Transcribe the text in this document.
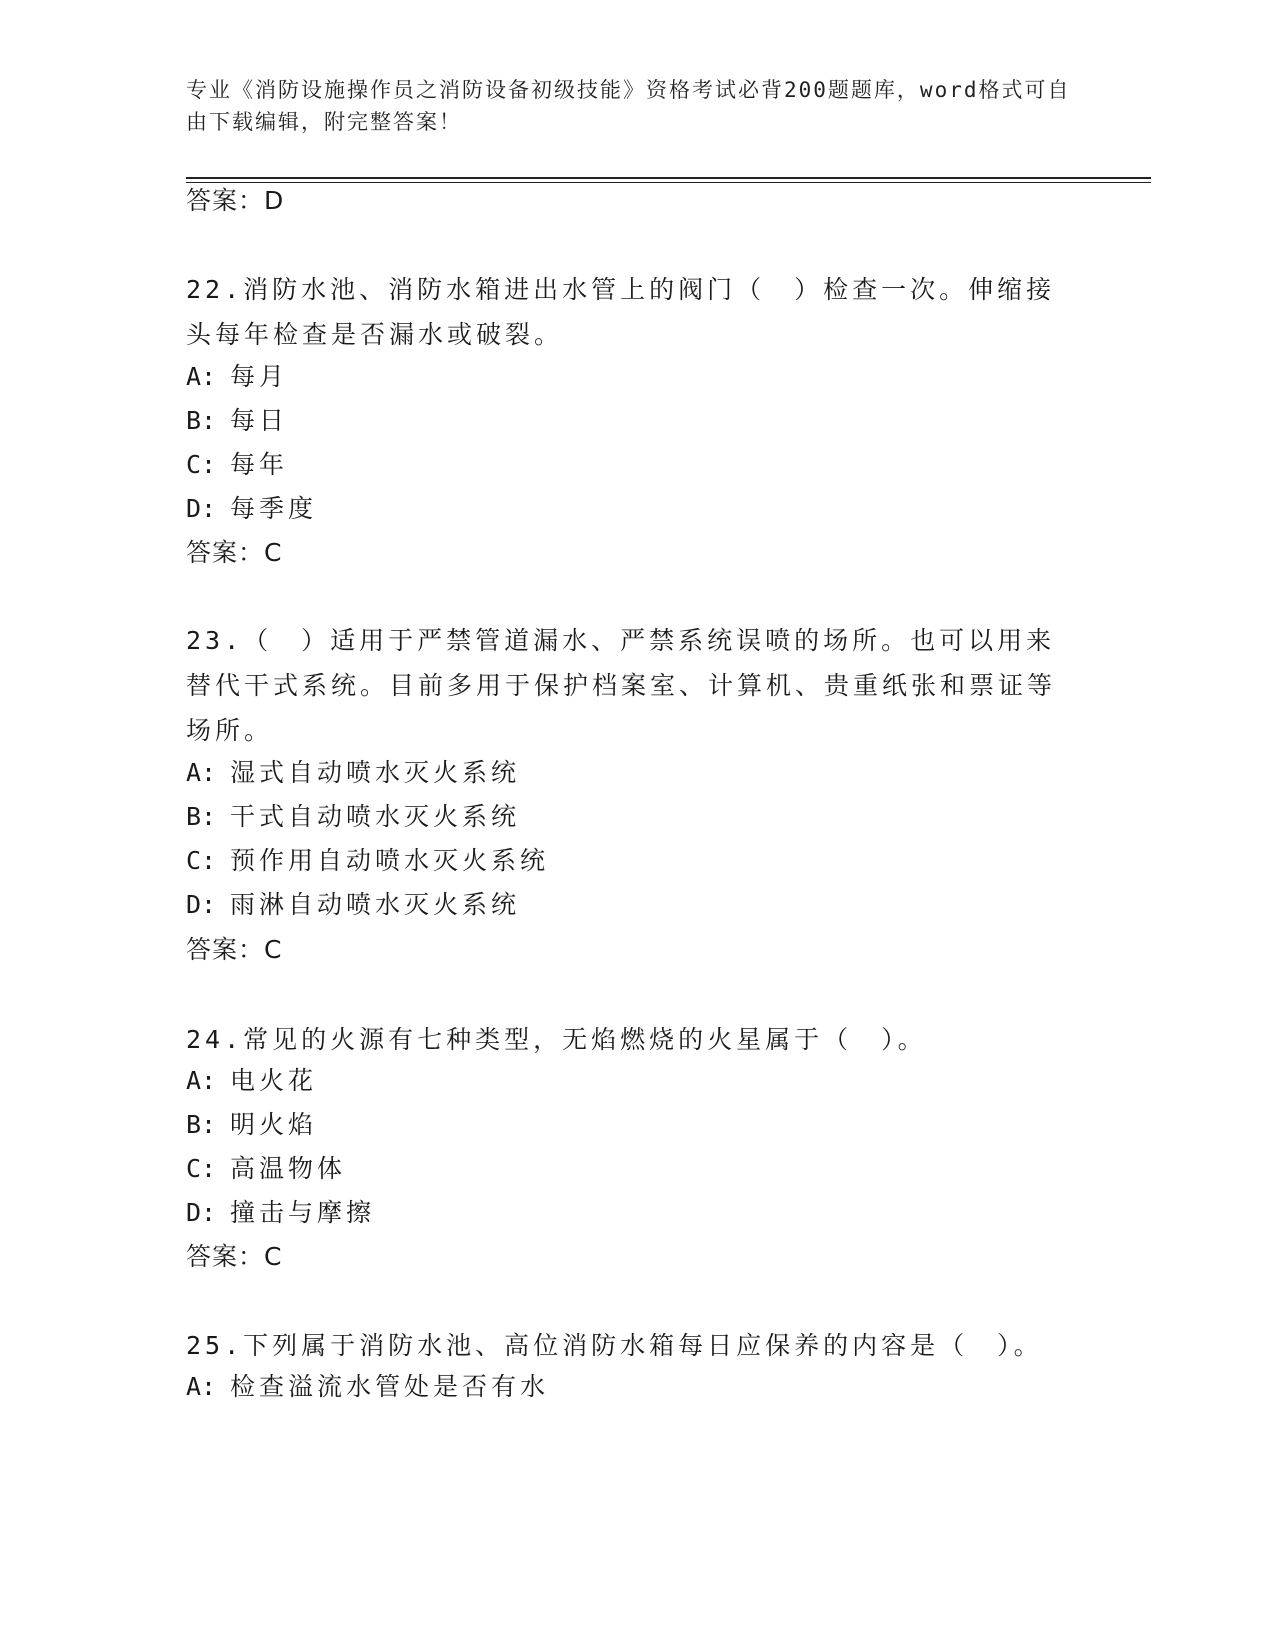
专业《消防设施操作员之消防设备初级技能》资格考试必背200题题库，word格式可自由下载编辑，附完整答案！
答案：D
22.消防水池、消防水箱进出水管上的阀门（　）检查一次。伸缩接头每年检查是否漏水或破裂。
A: 每月
B: 每日
C: 每年
D: 每季度
答案：C
23.（　）适用于严禁管道漏水、严禁系统误喷的场所。也可以用来替代干式系统。目前多用于保护档案室、计算机、贵重纸张和票证等场所。
A: 湿式自动喷水灭火系统
B: 干式自动喷水灭火系统
C: 预作用自动喷水灭火系统
D: 雨淋自动喷水灭火系统
答案：C
24.常见的火源有七种类型，无焰燃烧的火星属于（　）。
A: 电火花
B: 明火焰
C: 高温物体
D: 撞击与摩擦
答案：C
25.下列属于消防水池、高位消防水箱每日应保养的内容是（　）。
A: 检查溢流水管处是否有水
